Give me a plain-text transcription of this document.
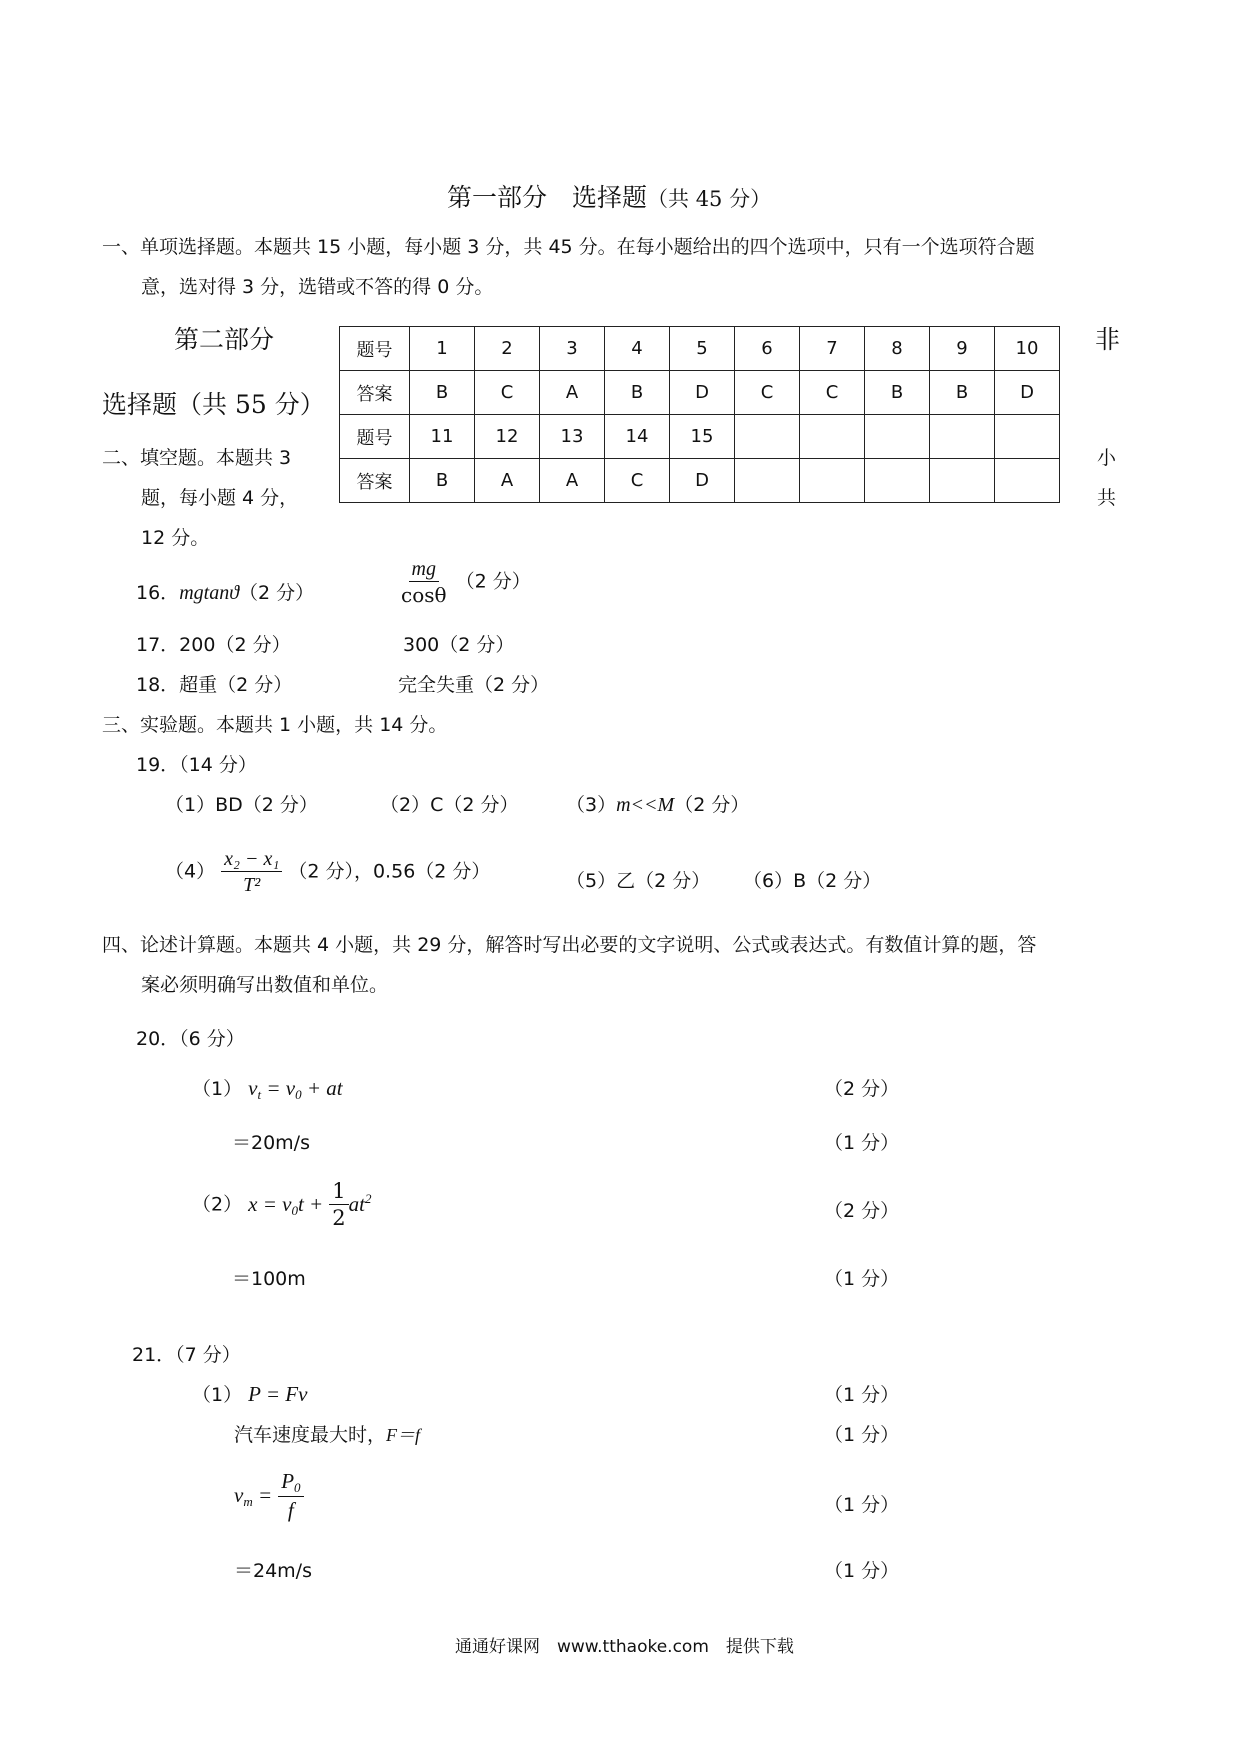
第一部分　选择题（共 45 分）
一、单项选择题。本题共 15 小题，每小题 3 分，共 45 分。在每小题给出的四个选项中，只有一个选项符合题
意，选对得 3 分，选错或不答的得 0 分。
第二部分	非
选择题（共 55 分）
题号	1	2	3	4	5	6	7	8	9	10
答案	B	C	A	B	D	C	C	B	B	D
题号	11	12	13	14	15					
答案	B	A	A	C	D					
二、填空题。本题共 3
题，每小题 4 分，
12 分。
小
共
16．mgtanϑ（2 分）	$\frac{mg}{\cos\theta} (2$ 分）
17．200（2 分）	300（2 分）
18．超重（2 分）	完全失重（2 分）
三、实验题。本题共 1 小题，共 14 分。
19．（14 分）
（1）BD（2 分）	（2）C（2 分）	（3）m<<M（2 分）
$(4) \frac{\text{x₂ − x₁}}{\text{T²}} (2$ 分），0.56（2 分）	（5）乙（2 分） （6）B（2 分）
四、论述计算题。本题共 4 小题，共 29 分，解答时写出必要的文字说明、公式或表达式。有数值计算的题，答
案必须明确写出数值和单位。
20．（6 分）
（1） $v_t = v_0$ + at	（2 分）
＝20m/s	（1 分）
（2） $x = v_0t + \frac{1}{2} at^2$
（2 分）
＝100m	（1 分）
21．（7 分）
（1） P = Fv	（1 分）
汽车速度最大时，F＝f	（1 分）
$v_m = \frac{P_0}{f}$	（1 分）
＝24m/s	（1 分）
通通好课网　www.tthaoke.com　提供下载
